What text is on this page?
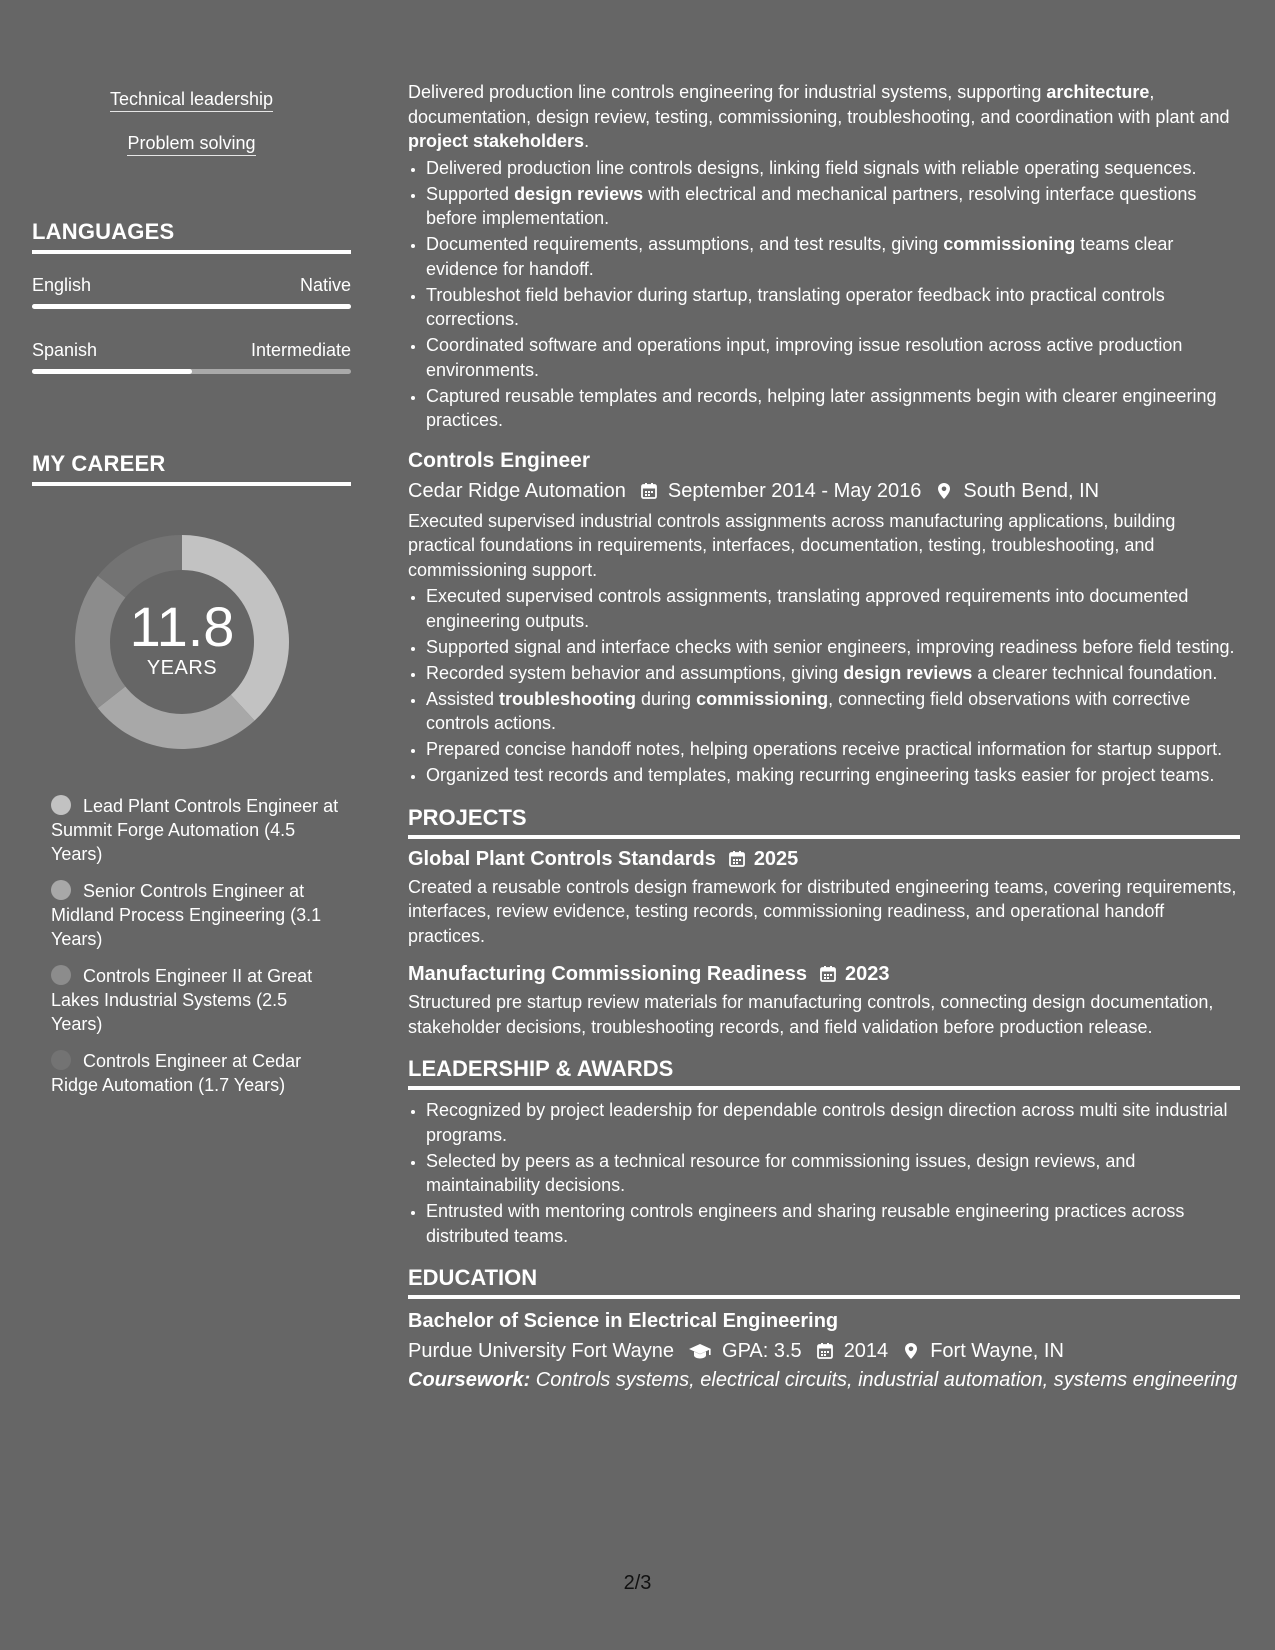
Technical leadership
Problem solving
LANGUAGES
English	Native
Spanish	Intermediate
MY CAREER
11.8
YEARS
Lead Plant Controls Engineer at Summit Forge Automation (4.5 Years)
Senior Controls Engineer at Midland Process Engineering (3.1 Years)
Controls Engineer II at Great Lakes Industrial Systems (2.5 Years)
Controls Engineer at Cedar Ridge Automation (1.7 Years)

Delivered production line controls engineering for industrial systems, supporting architecture, documentation, design review, testing, commissioning, troubleshooting, and coordination with plant and project stakeholders.

• Delivered production line controls designs, linking field signals with reliable operating sequences.
• Supported design reviews with electrical and mechanical partners, resolving interface questions before implementation.
• Documented requirements, assumptions, and test results, giving commissioning teams clear evidence for handoff.
• Troubleshot field behavior during startup, translating operator feedback into practical controls corrections.
• Coordinated software and operations input, improving issue resolution across active production environments.
• Captured reusable templates and records, helping later assignments begin with clearer engineering practices.
Controls Engineer
Cedar Ridge Automation September 2014 - May 2016 South Bend, IN

Executed supervised industrial controls assignments across manufacturing applications, building practical foundations in requirements, interfaces, documentation, testing, troubleshooting, and commissioning support.

• Executed supervised controls assignments, translating approved requirements into documented engineering outputs.
• Supported signal and interface checks with senior engineers, improving readiness before field testing.
• Recorded system behavior and assumptions, giving design reviews a clearer technical foundation.
• Assisted troubleshooting during commissioning, connecting field observations with corrective controls actions.
• Prepared concise handoff notes, helping operations receive practical information for startup support.
• Organized test records and templates, making recurring engineering tasks easier for project teams.
PROJECTS
Global Plant Controls Standards 2025

Created a reusable controls design framework for distributed engineering teams, covering requirements, interfaces, review evidence, testing records, commissioning readiness, and operational handoff practices.

Manufacturing Commissioning Readiness 2023

Structured pre startup review materials for manufacturing controls, connecting design documentation, stakeholder decisions, troubleshooting records, and field validation before production release.

LEADERSHIP & AWARDS
• Recognized by project leadership for dependable controls design direction across multi site industrial programs.
• Selected by peers as a technical resource for commissioning issues, design reviews, and maintainability decisions.
• Entrusted with mentoring controls engineers and sharing reusable engineering practices across distributed teams.
EDUCATION
Bachelor of Science in Electrical Engineering
Purdue University Fort Wayne GPA: 3.5 2014 Fort Wayne, IN
Coursework: Controls systems, electrical circuits, industrial automation, systems engineering
2/3
